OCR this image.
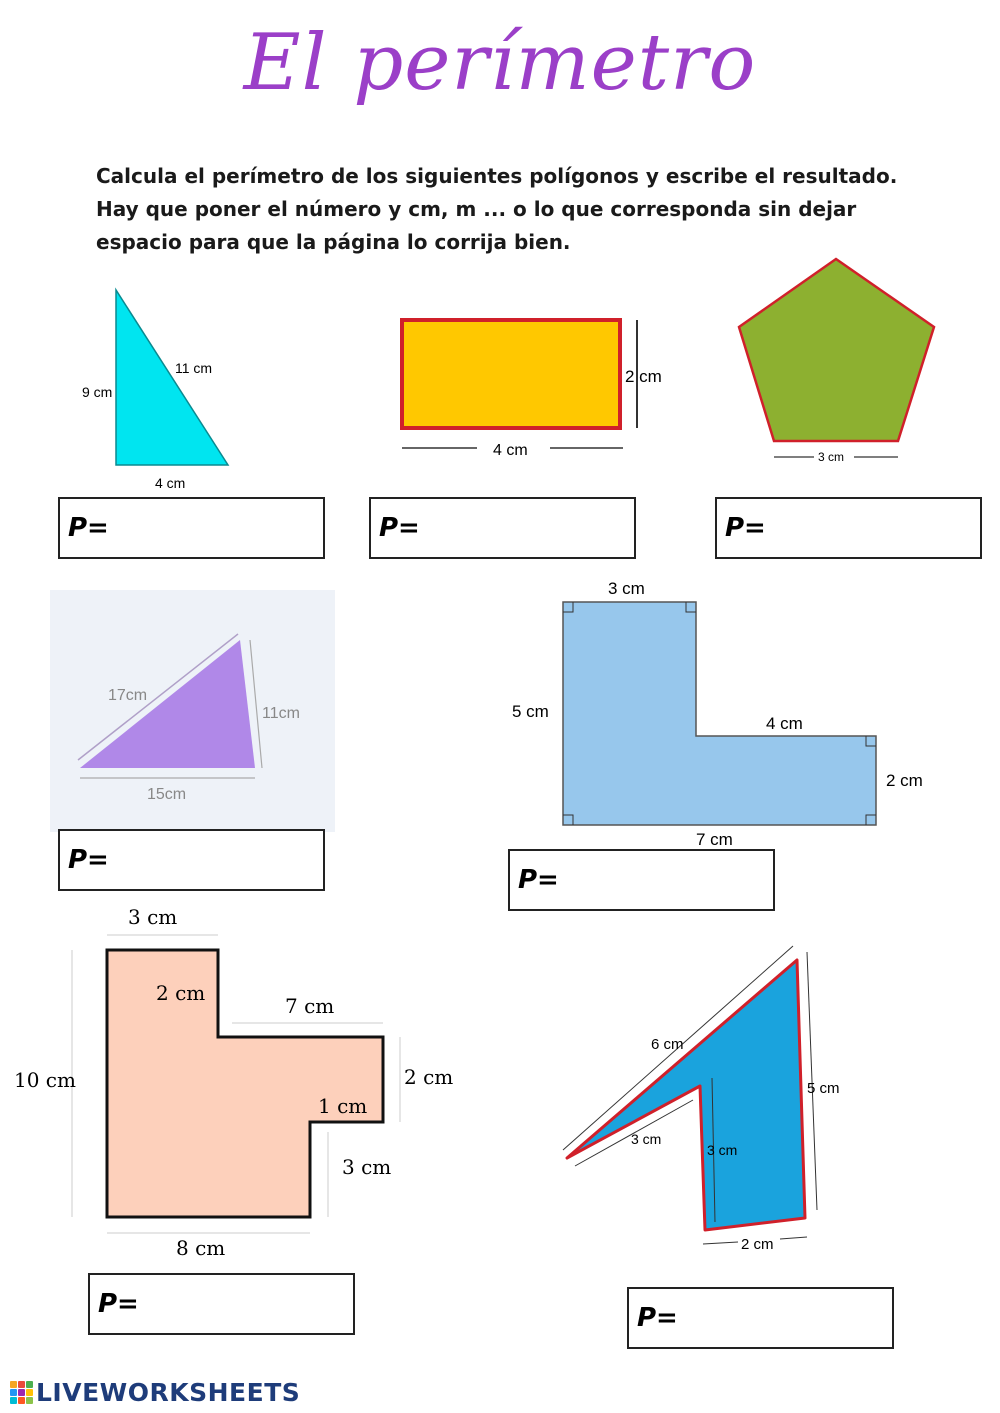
El perímetro

Calcula el perímetro de los siguientes polígonos y escribe el resultado. Hay que poner el número y cm, m ... o lo que corresponda sin dejar espacio para que la página lo corrija bien.

9 cm
11 cm
4 cm
P=
2 cm
4 cm
P=
3 cm
P=
17cm
11cm
15cm
P=
3 cm
5 cm
4 cm
2 cm
7 cm
P=
3 cm
2 cm
7 cm
10 cm	2 cm
1 cm
3 cm
8 cm
P=
6 cm
3 cm
3 cm
5 cm
2 cm
P=
LIVEWORKSHEETS
